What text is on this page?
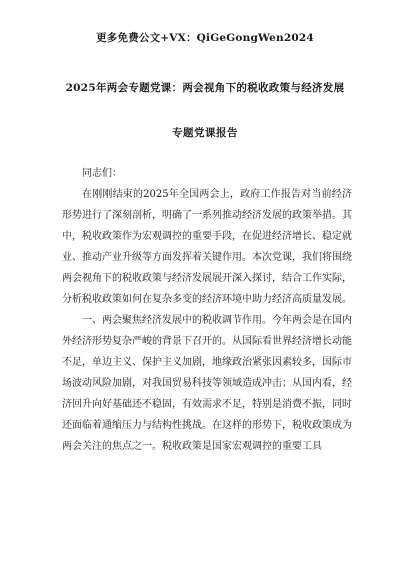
更多免费公文+VX：QiGeGongWen2024
2025年两会专题党课：两会视角下的税收政策与经济发展
专题党课报告

同志们：

在刚刚结束的2025年全国两会上，政府工作报告对当前经济形势进行了深刻剖析，明确了一系列推动经济发展的政策举措。其中，税收政策作为宏观调控的重要手段，在促进经济增长、稳定就业、推动产业升级等方面发挥着关键作用。本次党课，我们将围绕两会视角下的税收政策与经济发展展开深入探讨，结合工作实际，分析税收政策如何在复杂多变的经济环境中助力经济高质量发展。

一、两会聚焦经济发展中的税收调节作用。今年两会是在国内外经济形势复杂严峻的背景下召开的。从国际看世界经济增长动能不足，单边主义、保护主义加剧，地缘政治紧张因素较多，国际市场波动风险加剧，对我国贸易科技等领域造成冲击；从国内看，经济回升向好基础还不稳固，有效需求不足，特别是消费不振，同时还面临着通缩压力与结构性挑战。在这样的形势下，税收政策成为两会关注的焦点之一。税收政策是国家宏观调控的重要工具
